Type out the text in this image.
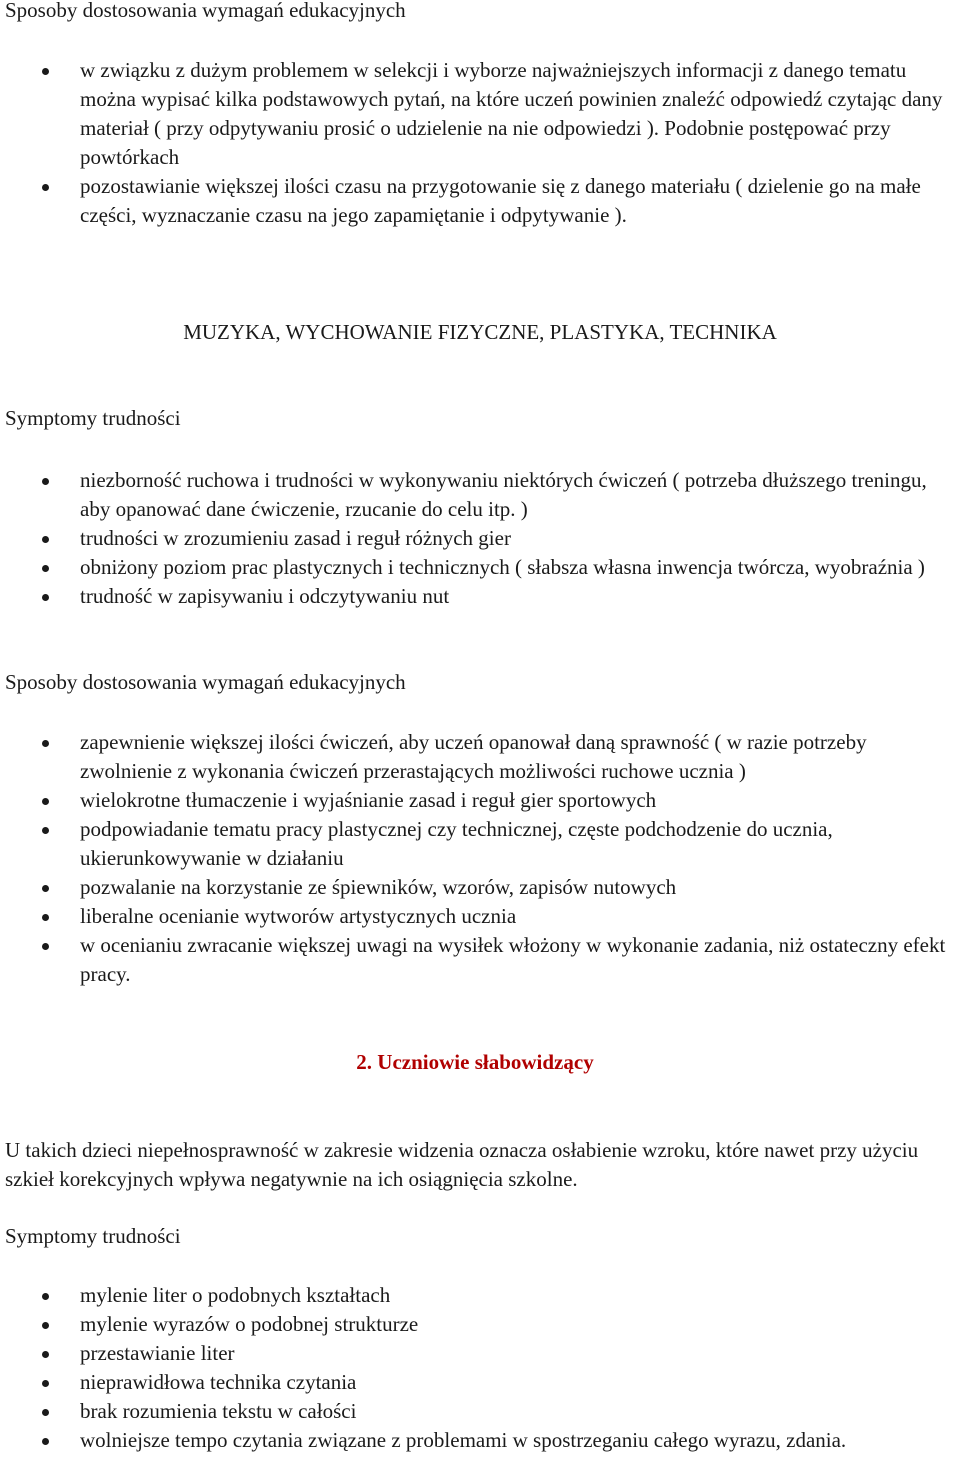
Sposoby dostosowania wymagań edukacyjnych

w związku z dużym problemem w selekcji i wyborze najważniejszych informacji z danego tematu można wypisać kilka podstawowych pytań, na które uczeń powinien znaleźć odpowiedź czytając dany materiał ( przy odpytywaniu prosić o udzielenie na nie odpowiedzi ). Podobnie postępować przy powtórkach
pozostawianie większej ilości czasu na przygotowanie się z danego materiału ( dzielenie go na małe części, wyznaczanie czasu na jego zapamiętanie i odpytywanie ).
MUZYKA, WYCHOWANIE FIZYCZNE, PLASTYKA, TECHNIKA

Symptomy trudności

niezborność ruchowa i trudności w wykonywaniu niektórych ćwiczeń ( potrzeba dłuższego treningu, aby opanować dane ćwiczenie, rzucanie do celu itp. )
trudności w zrozumieniu zasad i reguł różnych gier
obniżony poziom prac plastycznych i technicznych ( słabsza własna inwencja twórcza, wyobraźnia )
trudność w zapisywaniu i odczytywaniu nut

Sposoby dostosowania wymagań edukacyjnych

zapewnienie większej ilości ćwiczeń, aby uczeń opanował daną sprawność ( w razie potrzeby zwolnienie z wykonania ćwiczeń przerastających możliwości ruchowe ucznia )
wielokrotne tłumaczenie i wyjaśnianie zasad i reguł gier sportowych
podpowiadanie tematu pracy plastycznej czy technicznej, częste podchodzenie do ucznia, ukierunkowywanie w działaniu
pozwalanie na korzystanie ze śpiewników, wzorów, zapisów nutowych
liberalne ocenianie wytworów artystycznych ucznia
w ocenianiu zwracanie większej uwagi na wysiłek włożony w wykonanie zadania, niż ostateczny efekt pracy.
2. Uczniowie słabowidzący

U takich dzieci niepełnosprawność w zakresie widzenia oznacza osłabienie wzroku, które nawet przy użyciu szkieł korekcyjnych wpływa negatywnie na ich osiągnięcia szkolne.

Symptomy trudności

mylenie liter o podobnych kształtach
mylenie wyrazów o podobnej strukturze
przestawianie liter
nieprawidłowa technika czytania
brak rozumienia tekstu w całości
wolniejsze tempo czytania związane z problemami w spostrzeganiu całego wyrazu, zdania.
